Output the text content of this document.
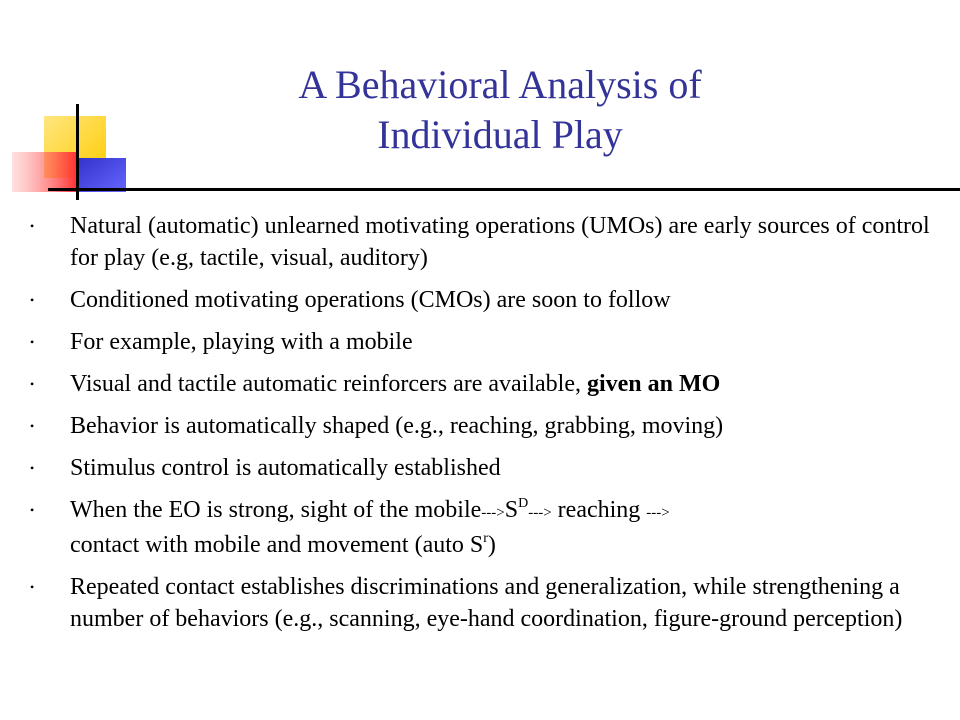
A Behavioral Analysis of
Individual Play
• Natural (automatic) unlearned motivating operations (UMOs) are early sources of control for play (e.g, tactile, visual, auditory)
• Conditioned motivating operations (CMOs) are soon to follow
• For example, playing with a mobile
• Visual and tactile automatic reinforcers are available, given an MO
• Behavior is automatically shaped (e.g., reaching, grabbing, moving)
• Stimulus control is automatically established
• When the EO is strong, sight of the mobile-$-->S^D--->$ reaching --->
contact with mobile and movement (auto $S^r$)
• Repeated contact establishes discriminations and generalization, while strengthening a number of behaviors (e.g., scanning, eye-hand coordination, figure-ground perception)
